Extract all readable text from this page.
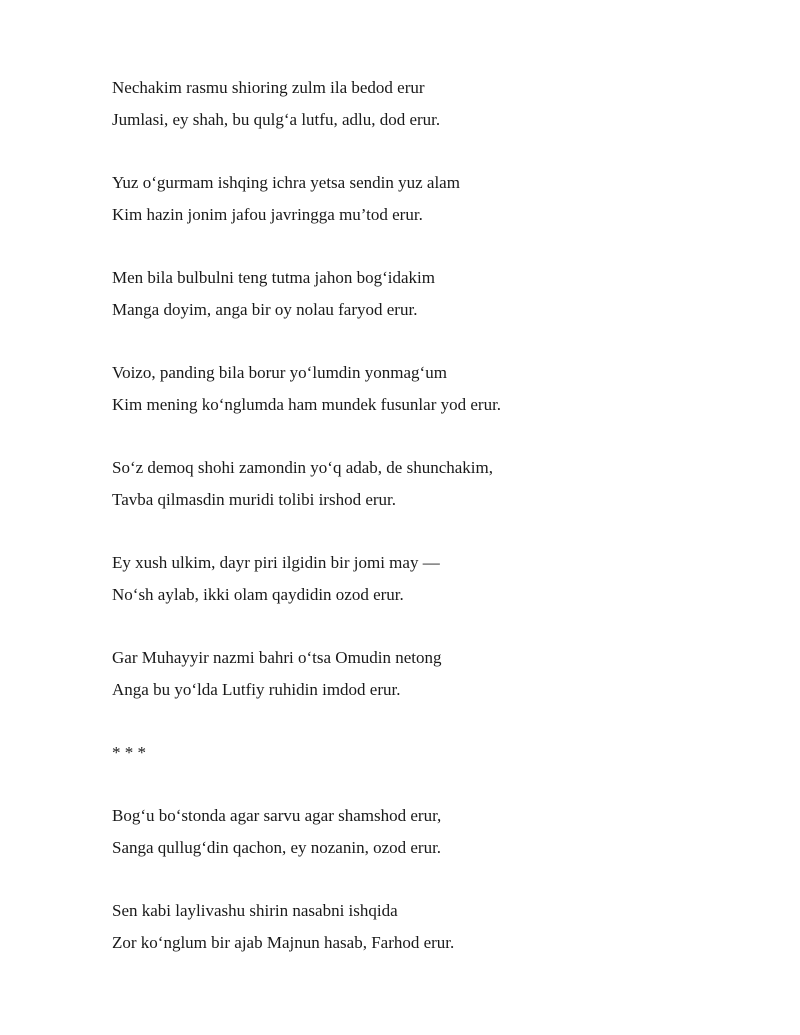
Nechakim rasmu shioring zulm ila bedod erur
Jumlasi, ey shah, bu qulg‘a lutfu, adlu, dod erur.
Yuz o‘gurmam ishqing ichra yetsa sendin yuz alam
Kim hazin jonim jafou javringga mu’tod erur.
Men bila bulbulni teng tutma jahon bog‘idakim
Manga doyim, anga bir oy nolau faryod erur.
Voizo, panding bila borur yo‘lumdin yonmag‘um
Kim mening ko‘nglumda ham mundek fusunlar yod erur.
So‘z demoq shohi zamondin yo‘q adab, de shunchakim,
Tavba qilmasdin muridi tolibi irshod erur.
Ey xush ulkim, dayr piri ilgidin bir jomi may —
No‘sh aylab, ikki olam qaydidin ozod erur.
Gar Muhayyir nazmi bahri o‘tsa Omudin netong
Anga bu yo‘lda Lutfiy ruhidin imdod erur.
* * *
Bog‘u bo‘stonda agar sarvu agar shamshod erur,
Sanga qullug‘din qachon, ey nozanin, ozod erur.
Sen kabi laylivashu shirin nasabni ishqida
Zor ko‘nglum bir ajab Majnun hasab, Farhod erur.
